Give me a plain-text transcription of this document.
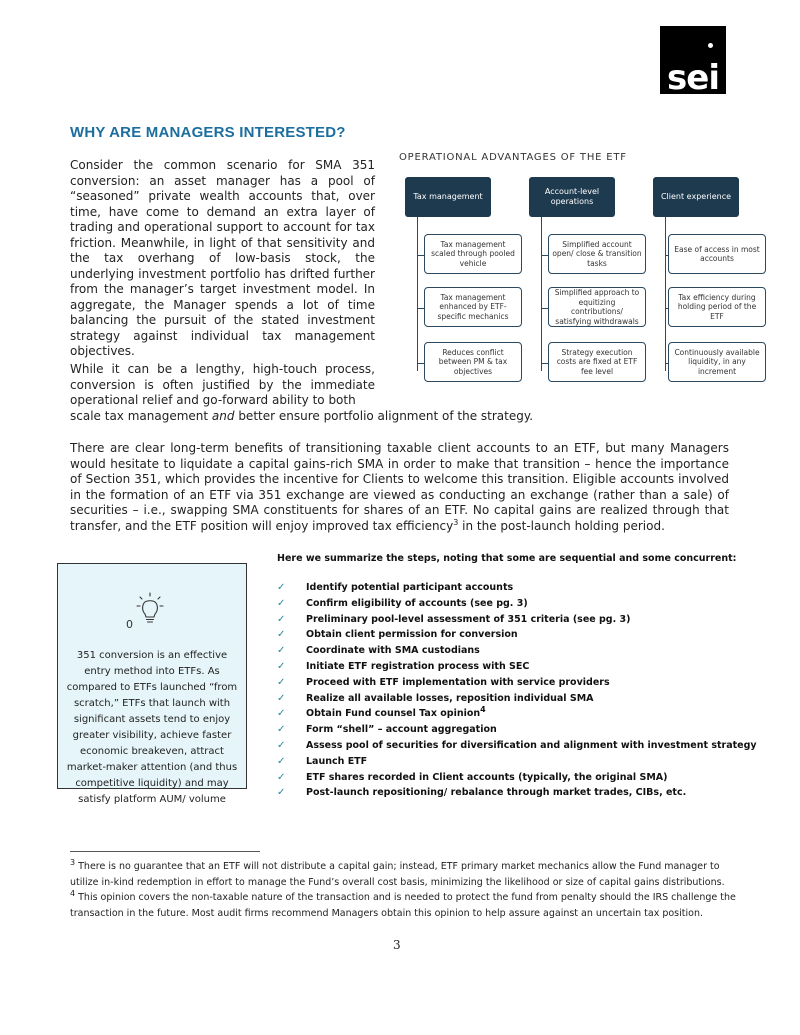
sei
WHY ARE MANAGERS INTERESTED?

Consider the common scenario for SMA 351 conversion: an asset manager has a pool of “seasoned” private wealth accounts that, over time, have come to demand an extra layer of trading and operational support to account for tax friction. Meanwhile, in light of that sensitivity and the tax overhang of low-basis stock, the underlying investment portfolio has drifted further from the manager’s target investment model. In aggregate, the Manager spends a lot of time balancing the pursuit of the stated investment strategy against individual tax management objectives.

While it can be a lengthy, high-touch process, conversion is often justified by the immediate operational relief and go-forward ability to both

scale tax management and better ensure portfolio alignment of the strategy.

There are clear long-term benefits of transitioning taxable client accounts to an ETF, but many Managers would hesitate to liquidate a capital gains-rich SMA in order to make that transition – hence the importance of Section 351, which provides the incentive for Clients to welcome this transition. Eligible accounts involved in the formation of an ETF via 351 exchange are viewed as conducting an exchange (rather than a sale) of securities – i.e., swapping SMA constituents for shares of an ETF. No capital gains are realized through that transfer, and the ETF position will enjoy improved tax efficiency$^3$ in the post-launch holding period.

OPERATIONAL ADVANTAGES OF THE ETF
Tax management
Tax management scaled through pooled vehicle
Tax management enhanced by ETF-specific mechanics
Reduces conflict between PM & tax objectives
Account-level operations
Simplified account open/ close & transition tasks
Simplified approach to equitizing contributions/ satisfying withdrawals
Strategy execution costs are fixed at ETF fee level
Client experience
Ease of access in most accounts
Tax efficiency during holding period of the ETF
Continuously available liquidity, in any increment
Here we summarize the steps, noting that some are sequential and some concurrent:
0

351 conversion is an effective entry method into ETFs. As compared to ETFs launched “from scratch,” ETFs that launch with significant assets tend to enjoy greater visibility, achieve faster economic breakeven, attract market-maker attention (and thus competitive liquidity) and may satisfy platform AUM/ volume

✓ Identify potential participant accounts
✓ Confirm eligibility of accounts (see pg. 3)
✓ Preliminary pool-level assessment of 351 criteria (see pg. 3)
✓ Obtain client permission for conversion
✓ Coordinate with SMA custodians
✓ Initiate ETF registration process with SEC
✓ Proceed with ETF implementation with service providers
✓ Realize all available losses, reposition individual SMA
✓ Obtain Fund counsel Tax opinion$^4$
✓ Form “shell” – account aggregation
✓ Assess pool of securities for diversification and alignment with investment strategy
✓ Launch ETF
✓ ETF shares recorded in Client accounts (typically, the original SMA)
✓ Post-launch repositioning/ rebalance through market trades, CIBs, etc.

$^3$ There is no guarantee that an ETF will not distribute a capital gain; instead, ETF primary market mechanics allow the Fund manager to utilize in-kind redemption in effort to manage the Fund’s overall cost basis, minimizing the likelihood or size of capital gains distributions.

$^4$ This opinion covers the non-taxable nature of the transaction and is needed to protect the fund from penalty should the IRS challenge the transaction in the future. Most audit firms recommend Managers obtain this opinion to help assure against an uncertain tax position.

3
